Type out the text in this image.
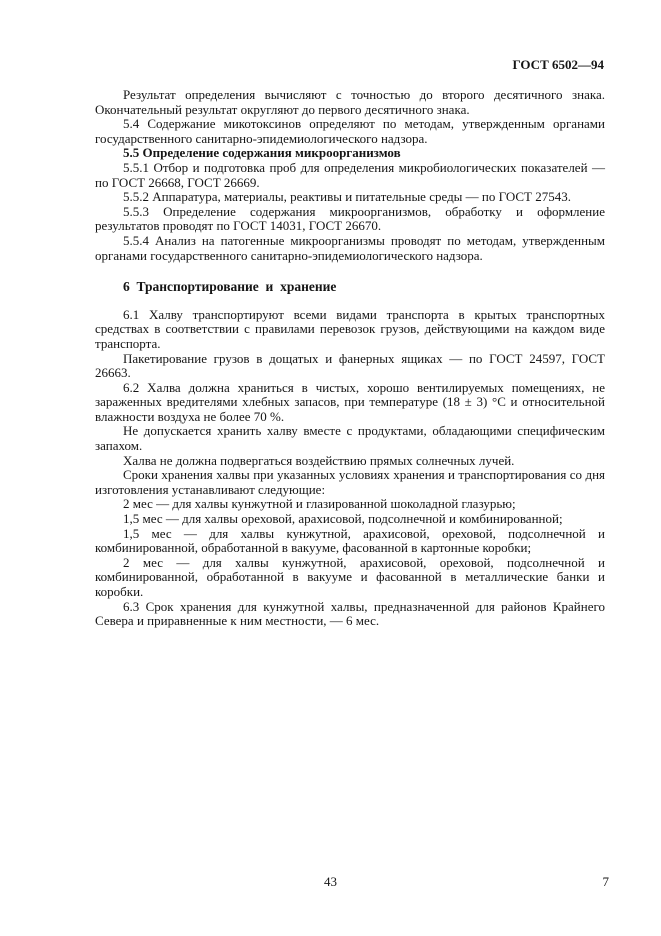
ГОСТ 6502—94

Результат определения вычисляют с точностью до второго десятичного знака. Окончательный результат округляют до первого десятичного знака.

5.4 Содержание микотоксинов определяют по методам, утвержденным органами государственного санитарно-эпидемиологического надзора.

5.5 Определение содержания микроорганизмов

5.5.1 Отбор и подготовка проб для определения микробиологических показателей — по ГОСТ 26668, ГОСТ 26669.

5.5.2 Аппаратура, материалы, реактивы и питательные среды — по ГОСТ 27543.

5.5.3 Определение содержания микроорганизмов, обработку и оформление результатов проводят по ГОСТ 14031, ГОСТ 26670.

5.5.4 Анализ на патогенные микроорганизмы проводят по методам, утвержденным органами государственного санитарно-эпидемиологического надзора.

6  Транспортирование  и  хранение

6.1 Халву транспортируют всеми видами транспорта в крытых транспортных средствах в соответствии с правилами перевозок грузов, действующими на каждом виде транспорта.

Пакетирование грузов в дощатых и фанерных ящиках — по ГОСТ 24597, ГОСТ 26663.

6.2 Халва должна храниться в чистых, хорошо вентилируемых помещениях, не зараженных вредителями хлебных запасов, при температуре (18 ± 3) °С и относительной влажности воздуха не более 70 %.

Не допускается хранить халву вместе с продуктами, обладающими специфическим запахом.

Халва не должна подвергаться воздействию прямых солнечных лучей.

Сроки хранения халвы при указанных условиях хранения и транспортирования со дня изготовления устанавливают следующие:

2 мес — для халвы кунжутной и глазированной шоколадной глазурью;

1,5 мес — для халвы ореховой, арахисовой, подсолнечной и комбинированной;

1,5 мес — для халвы кунжутной, арахисовой, ореховой, подсолнечной и комбинированной, обработанной в вакууме, фасованной в картонные коробки;

2 мес — для халвы кунжутной, арахисовой, ореховой, подсолнечной и комбинированной, обработанной в вакууме и фасованной в металлические банки и коробки.

6.3 Срок хранения для кунжутной халвы, предназначенной для районов Крайнего Севера и приравненные к ним местности, — 6 мес.

43	7
